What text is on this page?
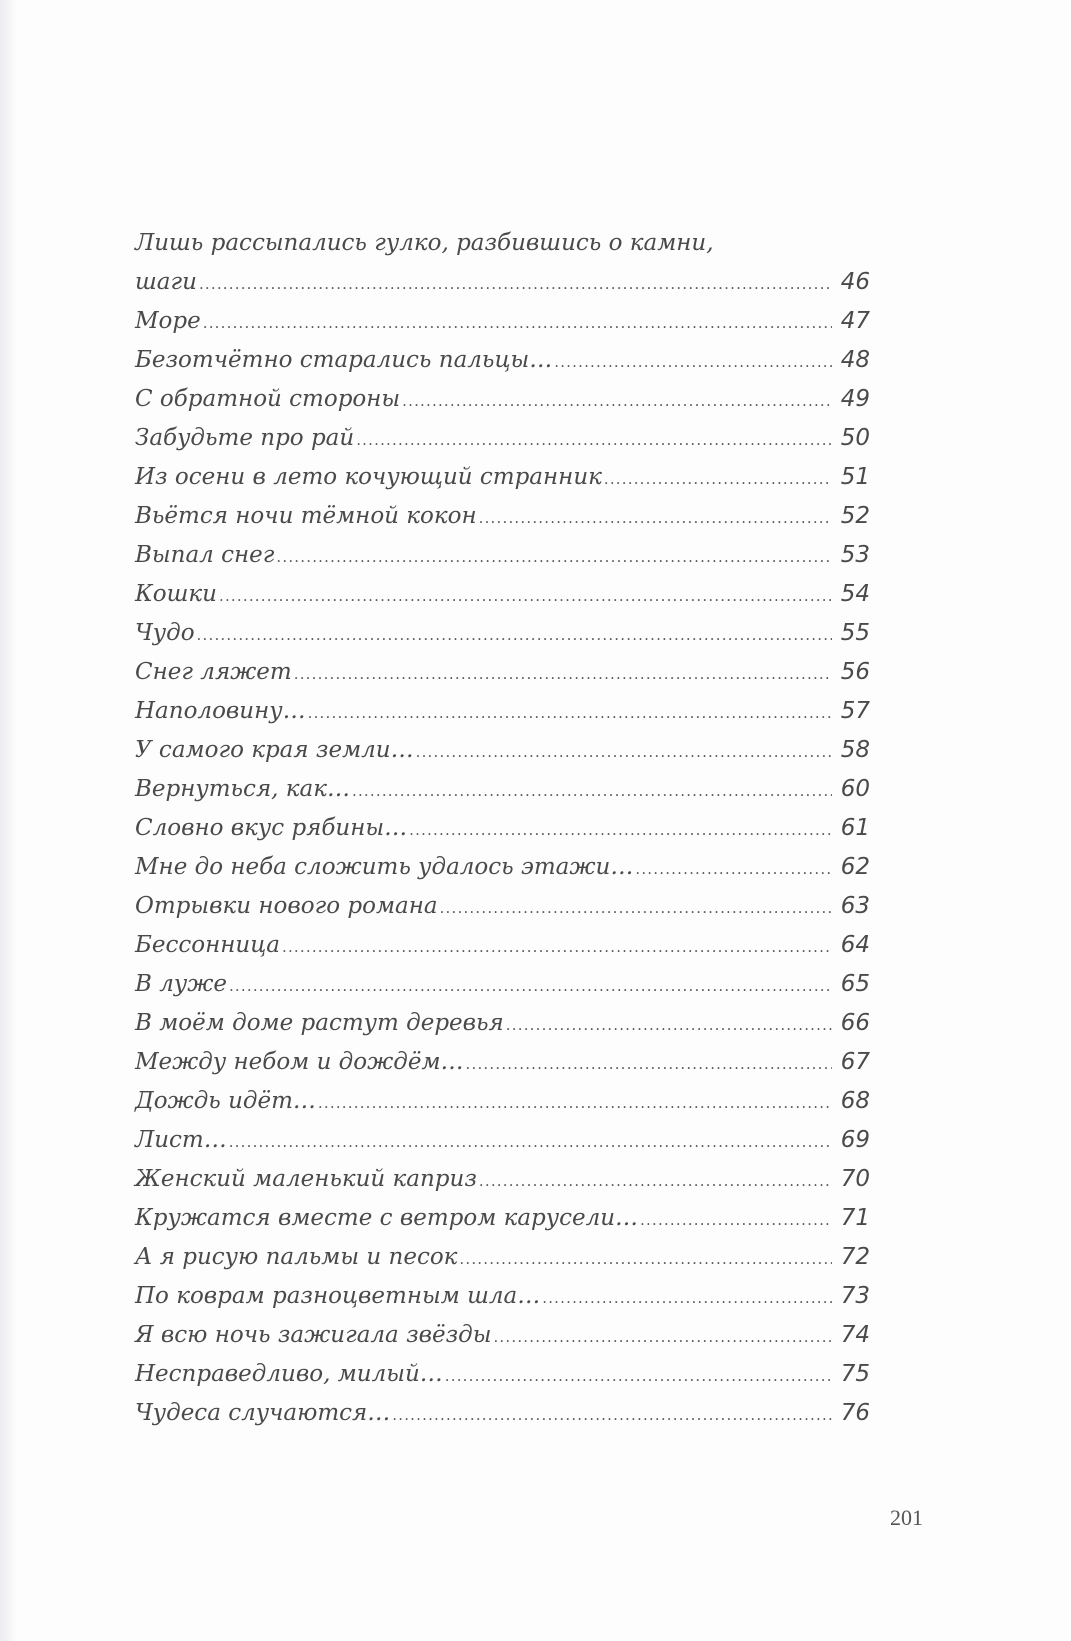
Лишь рассыпались гулко, разбившись о камни,
шаги .....	46
Море .....	47
Безотчётно старались пальцы… .....	48
С обратной стороны .....	49
Забудьте про рай .....	50
Из осени в лето кочующий странник .....	51
Вьётся ночи тёмной кокон .....	52
Выпал снег .....	53
Кошки .....	54
Чудо .....	55
Снег ляжет .....	56
Наполовину… .....	57
У самого края земли… .....	58
Вернуться, как… .....	60
Словно вкус рябины… .....	61
Мне до неба сложить удалось этажи… .....	62
Отрывки нового романа .....	63
Бессонница .....	64
В луже .....	65
В моём доме растут деревья .....	66
Между небом и дождём… .....	67
Дождь идёт… .....	68
Лист… .....	69
Женский маленький каприз .....	70
Кружатся вместе с ветром карусели… .....	71
А я рисую пальмы и песок .....	72
По коврам разноцветным шла… .....	73
Я всю ночь зажигала звёзды .....	74
Несправедливо, милый… .....	75
Чудеса случаются… .....	76
201
